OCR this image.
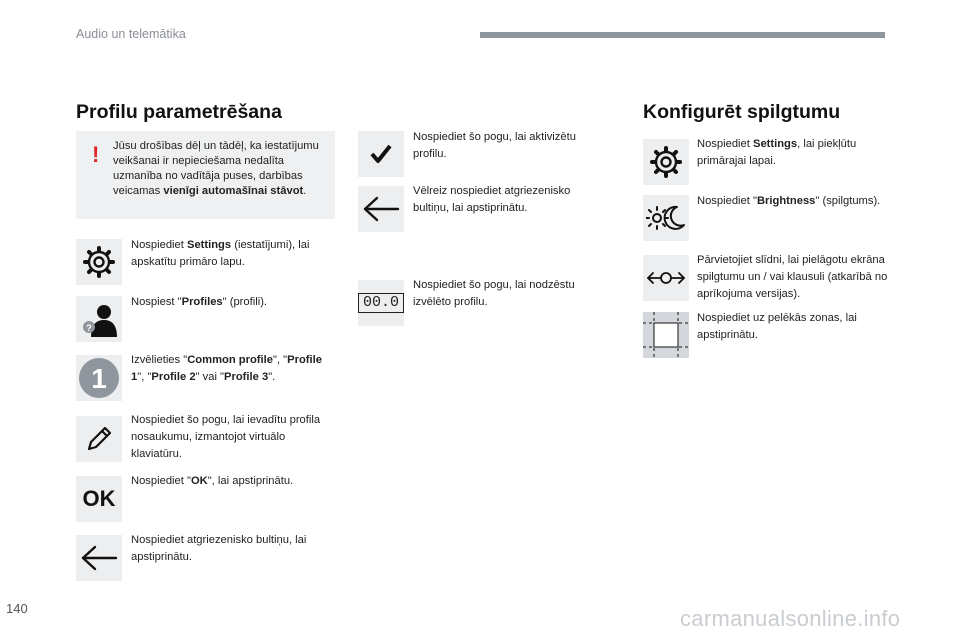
Audio un telemātika
Profilu parametrēšana
! Jūsu drošības dēļ un tādēļ, ka iestatījumu veikšanai ir nepieciešama nedalīta uzmanība no vadītāja puses, darbības veicamas vienīgi automašīnai stāvot.
Nospiediet Settings (iestatījumi), lai apskatītu primāro lapu.
?
Nospiest "Profiles" (profili).
1
Izvēlieties "Common profile", "Profile 1", "Profile 2" vai "Profile 3".
Nospiediet šo pogu, lai ievadītu profila nosaukumu, izmantojot virtuālo klaviatūru.
OK
Nospiediet "OK", lai apstiprinātu.
Nospiediet atgriezenisko bultiņu, lai apstiprinātu.
Nospiediet šo pogu, lai aktivizētu profilu.
Vēlreiz nospiediet atgriezenisko bultiņu, lai apstiprinātu.
00.0
Nospiediet šo pogu, lai nodzēstu izvēlēto profilu.
Konfigurēt spilgtumu
Nospiediet Settings, lai piekļūtu primārajai lapai.
Nospiediet "Brightness" (spilgtums).
Pārvietojiet slīdni, lai pielāgotu ekrāna spilgtumu un / vai klausuli (atkarībā no aprīkojuma versijas).
Nospiediet uz pelēkās zonas, lai apstiprinātu.
140	carmanualsonline.info
